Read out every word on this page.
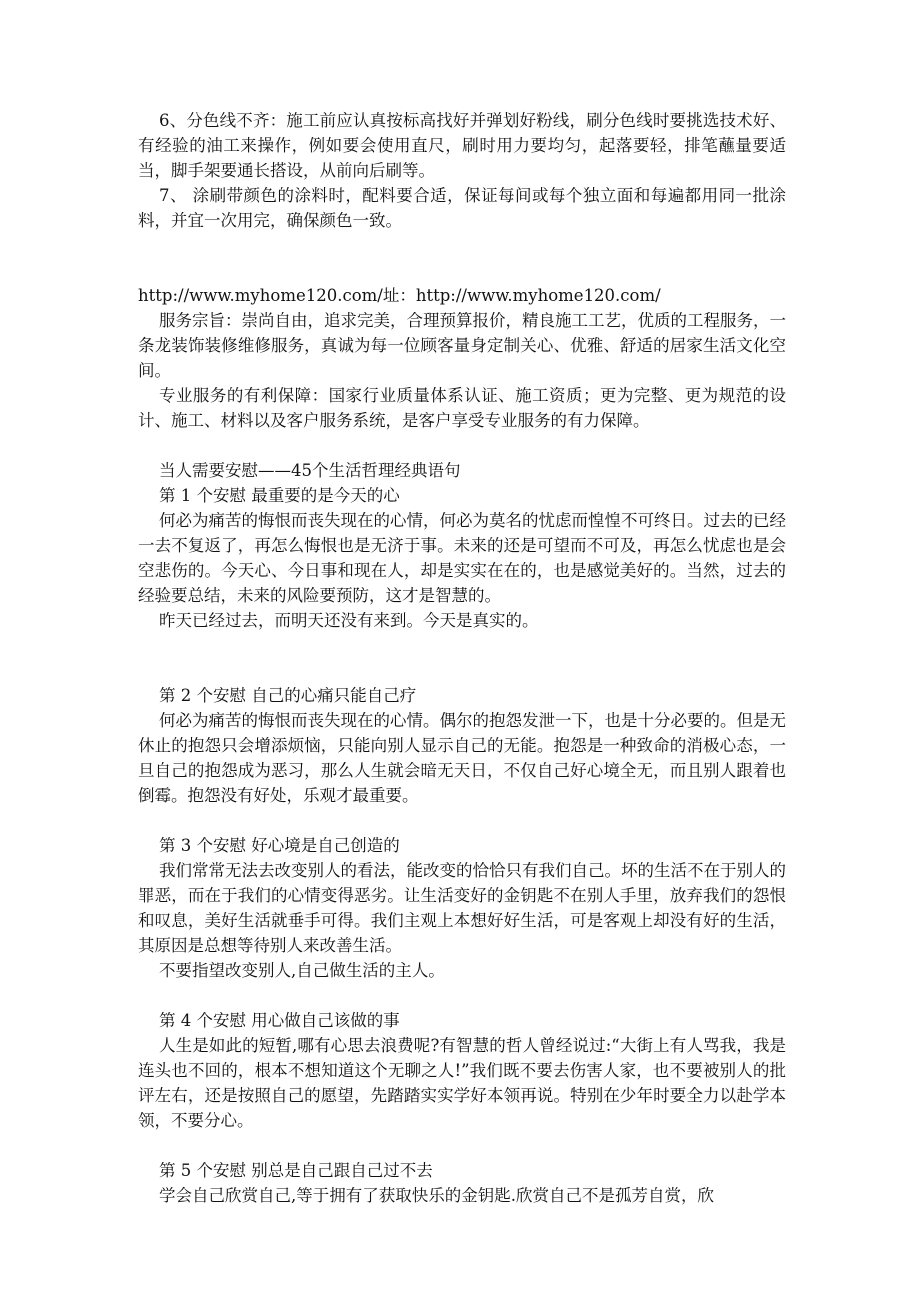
6、分色线不齐：施工前应认真按标高找好并弹划好粉线，刷分色线时要挑选技术好、有经验的油工来操作，例如要会使用直尺，刷时用力要均匀，起落要轻，排笔蘸量要适当，脚手架要通长搭设，从前向后刷等。

7、 涂刷带颜色的涂料时，配料要合适，保证每间或每个独立面和每遍都用同一批涂料，并宜一次用完，确保颜色一致。

http://www.myhome120.com/址：http://www.myhome120.com/

服务宗旨：崇尚自由，追求完美，合理预算报价，精良施工工艺，优质的工程服务，一条龙装饰装修维修服务，真诚为每一位顾客量身定制关心、优雅、舒适的居家生活文化空间。

专业服务的有利保障：国家行业质量体系认证、施工资质；更为完整、更为规范的设计、施工、材料以及客户服务系统，是客户享受专业服务的有力保障。

当人需要安慰——45个生活哲理经典语句

第 1 个安慰 最重要的是今天的心

何必为痛苦的悔恨而丧失现在的心情，何必为莫名的忧虑而惶惶不可终日。过去的已经一去不复返了，再怎么悔恨也是无济于事。未来的还是可望而不可及，再怎么忧虑也是会空悲伤的。今天心、今日事和现在人，却是实实在在的，也是感觉美好的。当然，过去的经验要总结，未来的风险要预防，这才是智慧的。

昨天已经过去，而明天还没有来到。今天是真实的。

第 2 个安慰 自己的心痛只能自己疗

何必为痛苦的悔恨而丧失现在的心情。偶尔的抱怨发泄一下，也是十分必要的。但是无休止的抱怨只会增添烦恼，只能向别人显示自己的无能。抱怨是一种致命的消极心态，一旦自己的抱怨成为恶习，那么人生就会暗无天日，不仅自己好心境全无，而且别人跟着也倒霉。抱怨没有好处，乐观才最重要。

第 3 个安慰 好心境是自己创造的

我们常常无法去改变别人的看法，能改变的恰恰只有我们自己。坏的生活不在于别人的罪恶，而在于我们的心情变得恶劣。让生活变好的金钥匙不在别人手里，放弃我们的怨恨和叹息，美好生活就垂手可得。我们主观上本想好好生活，可是客观上却没有好的生活，其原因是总想等待别人来改善生活。

不要指望改变别人,自己做生活的主人。

第 4 个安慰 用心做自己该做的事

人生是如此的短暂,哪有心思去浪费呢?有智慧的哲人曾经说过:“大街上有人骂我，我是连头也不回的，根本不想知道这个无聊之人!”我们既不要去伤害人家，也不要被别人的批评左右，还是按照自己的愿望，先踏踏实实学好本领再说。特别在少年时要全力以赴学本领，不要分心。

第 5 个安慰 别总是自己跟自己过不去

学会自己欣赏自己,等于拥有了获取快乐的金钥匙.欣赏自己不是孤芳自赏，欣
